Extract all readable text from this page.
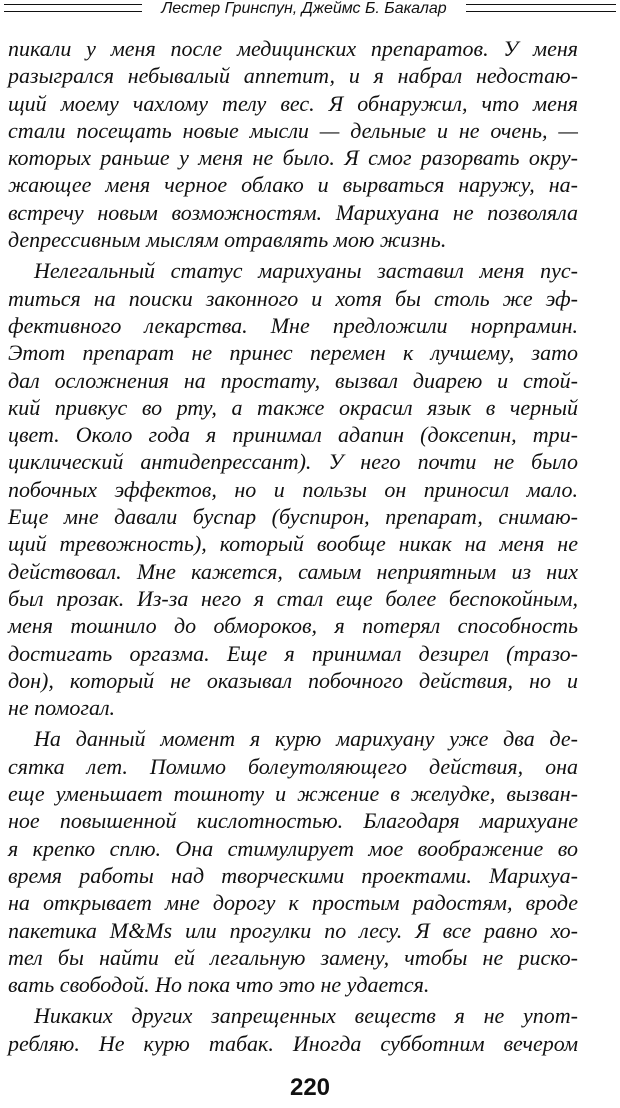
Лестер Гринспун, Джеймс Б. Бакалар
пикали у меня после медицинских препаратов. У меня
разыгрался небывалый аппетит, и я набрал недостаю-
щий моему чахлому телу вес. Я обнаружил, что меня
стали посещать новые мысли — дельные и не очень, —
которых раньше у меня не было. Я смог разорвать окру-
жающее меня черное облако и вырваться наружу, на-
встречу новым возможностям. Марихуана не позволяла
депрессивным мыслям отравлять мою жизнь.
Нелегальный статус марихуаны заставил меня пус-
титься на поиски законного и хотя бы столь же эф-
фективного лекарства. Мне предложили норпрамин.
Этот препарат не принес перемен к лучшему, зато
дал осложнения на простату, вызвал диарею и стой-
кий привкус во рту, а также окрасил язык в черный
цвет. Около года я принимал адапин (доксепин, три-
циклический антидепрессант). У него почти не было
побочных эффектов, но и пользы он приносил мало.
Еще мне давали буспар (буспирон, препарат, снимаю-
щий тревожность), который вообще никак на меня не
действовал. Мне кажется, самым неприятным из них
был прозак. Из-за него я стал еще более беспокойным,
меня тошнило до обмороков, я потерял способность
достигать оргазма. Еще я принимал дезирел (тразо-
дон), который не оказывал побочного действия, но и
не помогал.
На данный момент я курю марихуану уже два де-
сятка лет. Помимо болеутоляющего действия, она
еще уменьшает тошноту и жжение в желудке, вызван-
ное повышенной кислотностью. Благодаря марихуане
я крепко сплю. Она стимулирует мое воображение во
время работы над творческими проектами. Марихуа-
на открывает мне дорогу к простым радостям, вроде
пакетика M&Ms или прогулки по лесу. Я все равно хо-
тел бы найти ей легальную замену, чтобы не риско-
вать свободой. Но пока что это не удается.
Никаких других запрещенных веществ я не упот-
ребляю. Не курю табак. Иногда субботним вечером
220
